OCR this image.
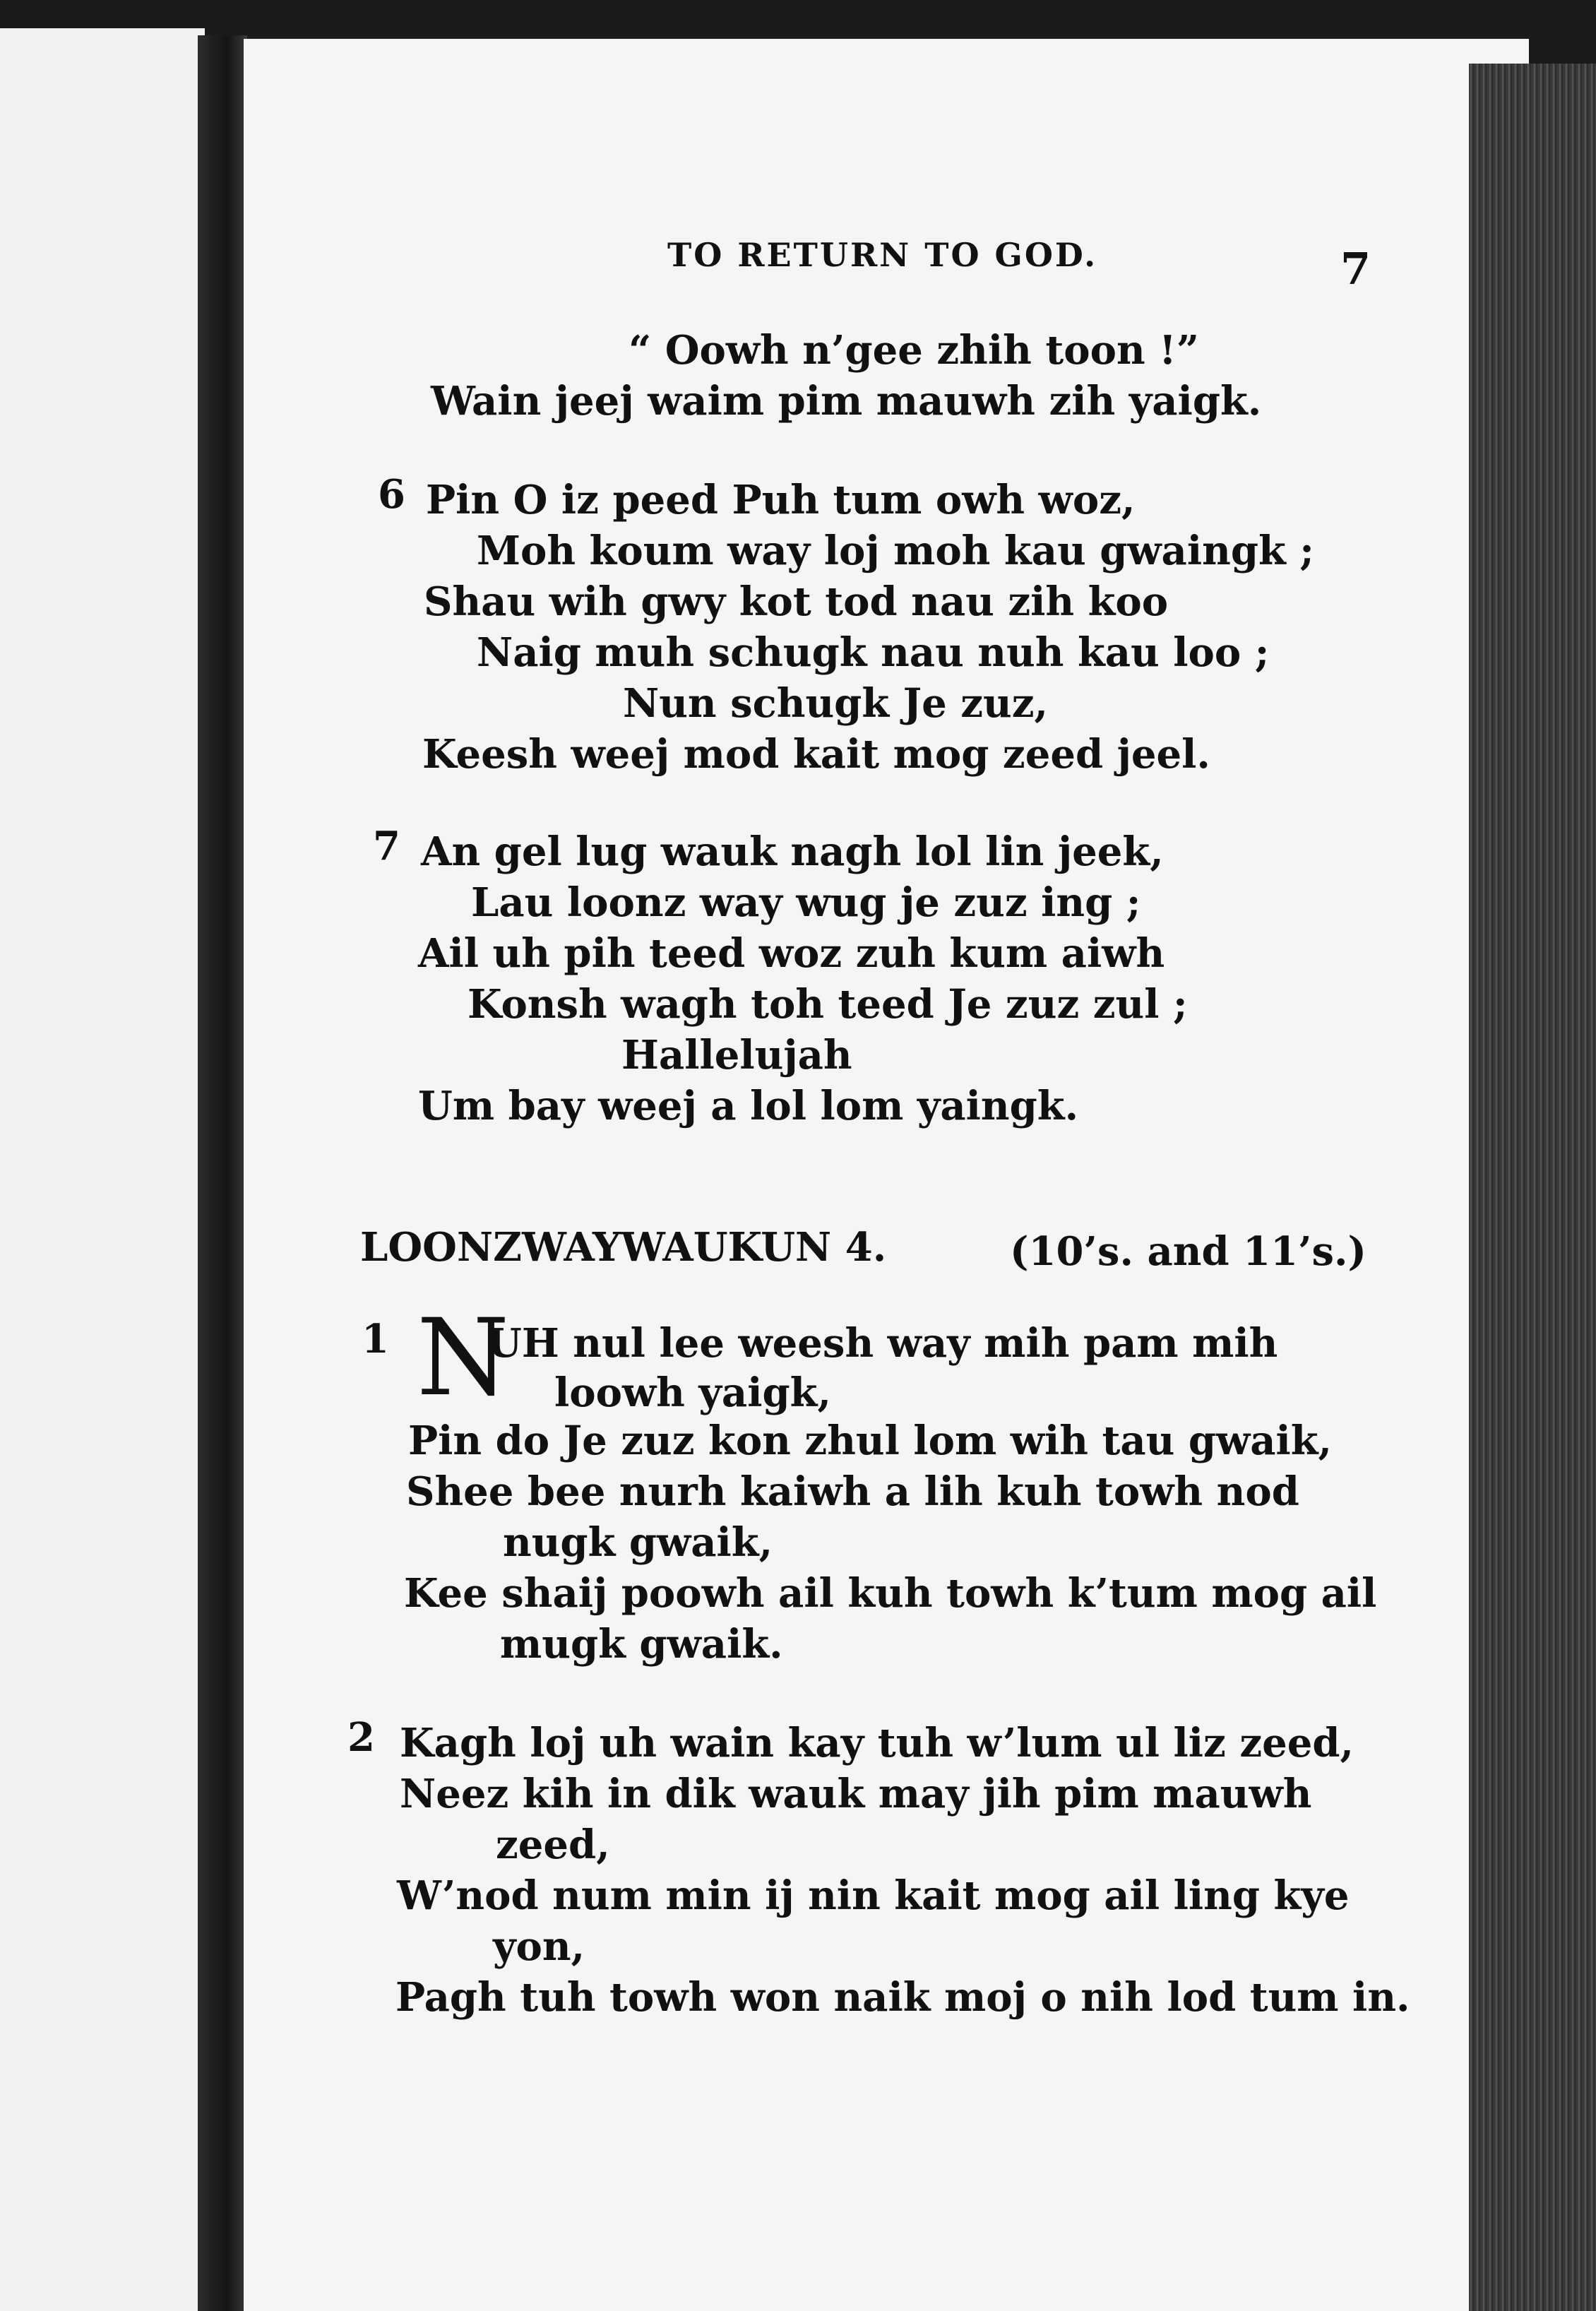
TO RETURN TO GOD.	7
“ Oowh n’gee zhih toon !”
Wain jeej waim pim mauwh zih yaigk.
6 Pin O iz peed Puh tum owh woz,
Moh koum way loj moh kau gwaingk ;
Shau wih gwy kot tod nau zih koo
Naig muh schugk nau nuh kau loo ;
Nun schugk Je zuz,
Keesh weej mod kait mog zeed jeel.
7 An gel lug wauk nagh lol lin jeek,
Lau loonz way wug je zuz ing ;
Ail uh pih teed woz zuh kum aiwh
Konsh wagh toh teed Je zuz zul ;
Hallelujah
Um bay weej a lol lom yaingk.
LOONZWAYWAUKUN 4.	(10’s. and 11’s.)
1 N
UH nul lee weesh way mih pam mih
loowh yaigk,
Pin do Je zuz kon zhul lom wih tau gwaik,
Shee bee nurh kaiwh a lih kuh towh nod
nugk gwaik,
Kee shaij poowh ail kuh towh k’tum mog ail
mugk gwaik.
2 Kagh loj uh wain kay tuh w’lum ul liz zeed,
Neez kih in dik wauk may jih pim mauwh
zeed,
W’nod num min ij nin kait mog ail ling kye
yon,
Pagh tuh towh won naik moj o nih lod tum in.
